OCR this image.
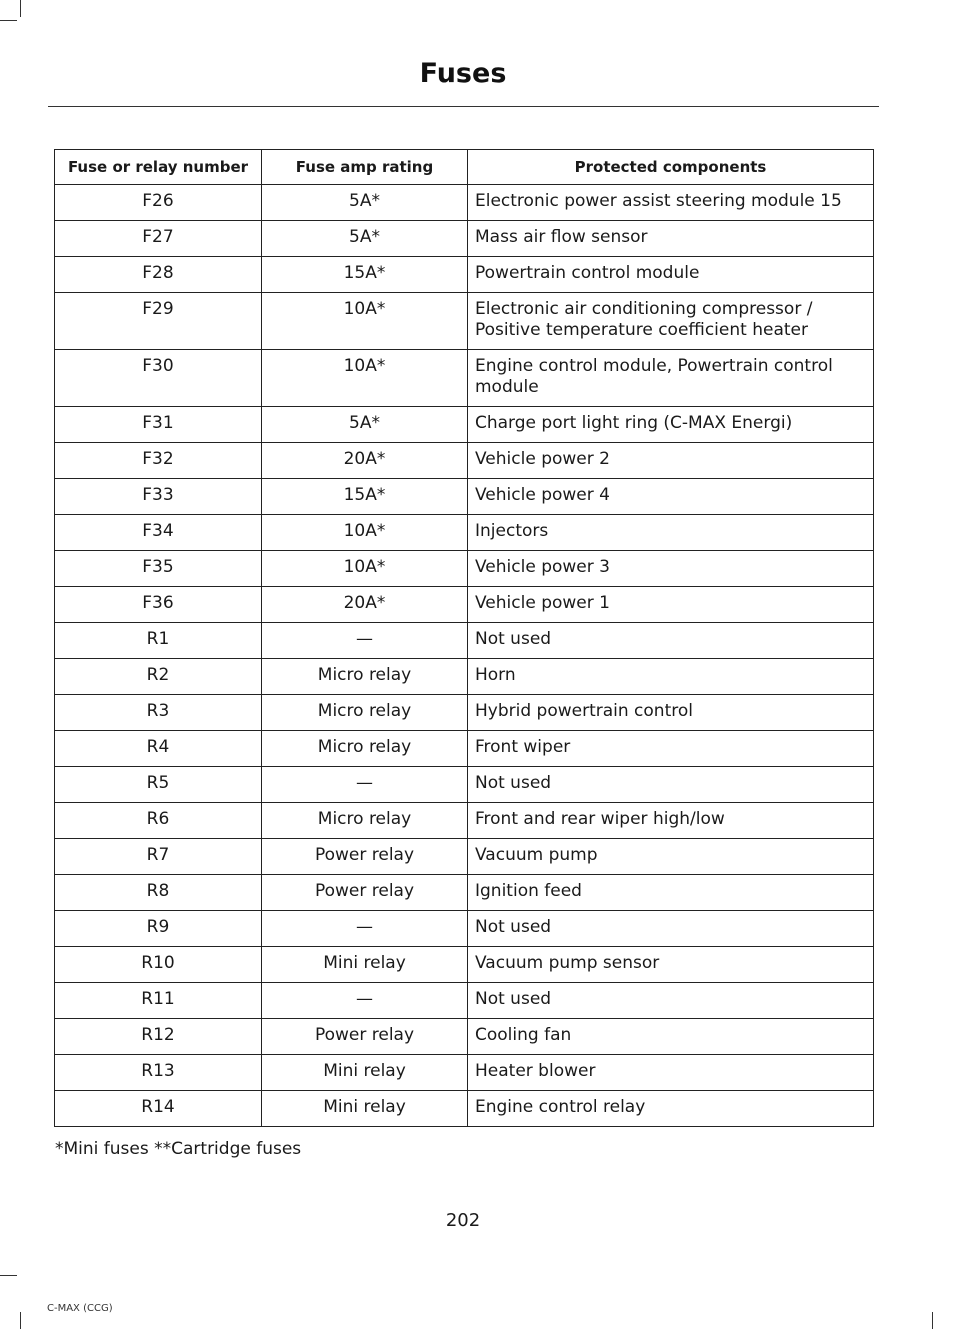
Fuses
Fuse or relay number	Fuse amp rating	Protected components
F26	5A*	Electronic power assist steering module 15
F27	5A*	Mass air flow sensor
F28	15A*	Powertrain control module
F29	10A*	Electronic air conditioning compressor / Positive temperature coefficient heater
F30	10A*	Engine control module, Powertrain control module
F31	5A*	Charge port light ring (C-MAX Energi)
F32	20A*	Vehicle power 2
F33	15A*	Vehicle power 4
F34	10A*	Injectors
F35	10A*	Vehicle power 3
F36	20A*	Vehicle power 1
R1	—	Not used
R2	Micro relay	Horn
R3	Micro relay	Hybrid powertrain control
R4	Micro relay	Front wiper
R5	—	Not used
R6	Micro relay	Front and rear wiper high/low
R7	Power relay	Vacuum pump
R8	Power relay	Ignition feed
R9	—	Not used
R10	Mini relay	Vacuum pump sensor
R11	—	Not used
R12	Power relay	Cooling fan
R13	Mini relay	Heater blower
R14	Mini relay	Engine control relay
*Mini fuses **Cartridge fuses
202
C-MAX (CCG)
